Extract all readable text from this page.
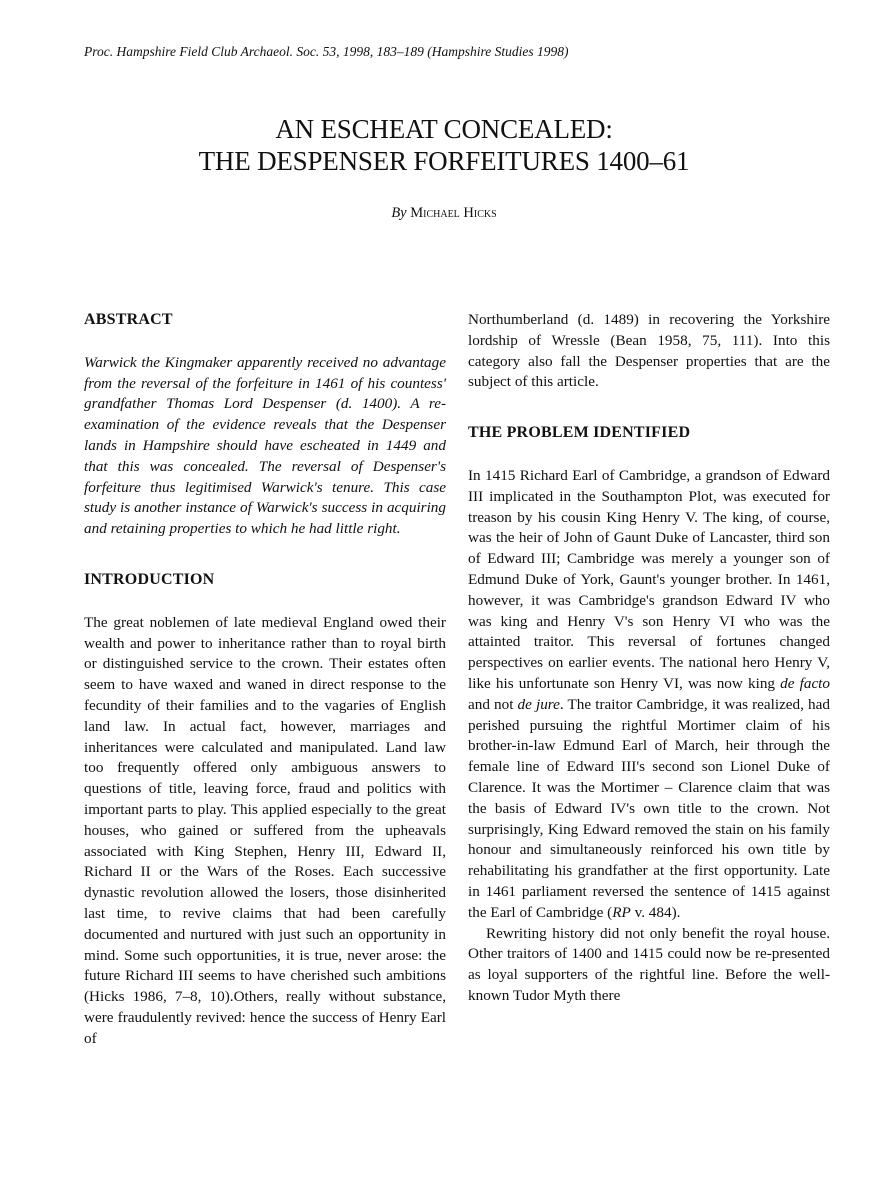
Proc. Hampshire Field Club Archaeol. Soc. 53, 1998, 183–189 (Hampshire Studies 1998)
AN ESCHEAT CONCEALED:
THE DESPENSER FORFEITURES 1400–61
By Michael Hicks
ABSTRACT

Warwick the Kingmaker apparently received no advantage from the reversal of the forfeiture in 1461 of his countess' grandfather Thomas Lord Despenser (d. 1400). A re-examination of the evidence reveals that the Despenser lands in Hampshire should have escheated in 1449 and that this was concealed. The reversal of Despenser's forfeiture thus legitimised Warwick's tenure. This case study is another instance of Warwick's success in acquiring and retaining properties to which he had little right.

INTRODUCTION

The great noblemen of late medieval England owed their wealth and power to inheritance rather than to royal birth or distinguished service to the crown. Their estates often seem to have waxed and waned in direct response to the fecundity of their families and to the vagaries of English land law. In actual fact, however, marriages and inheritances were calculated and manipulated. Land law too frequently offered only ambiguous answers to questions of title, leaving force, fraud and politics with important parts to play. This applied especially to the great houses, who gained or suffered from the upheavals associated with King Stephen, Henry III, Edward II, Richard II or the Wars of the Roses. Each successive dynastic revolution allowed the losers, those disinherited last time, to revive claims that had been carefully documented and nurtured with just such an opportunity in mind. Some such opportunities, it is true, never arose: the future Richard III seems to have cherished such ambitions (Hicks 1986, 7–8, 10).Others, really without substance, were fraudulently revived: hence the success of Henry Earl of

Northumberland (d. 1489) in recovering the Yorkshire lordship of Wressle (Bean 1958, 75, 111). Into this category also fall the Despenser properties that are the subject of this article.

THE PROBLEM IDENTIFIED

In 1415 Richard Earl of Cambridge, a grandson of Edward III implicated in the Southampton Plot, was executed for treason by his cousin King Henry V. The king, of course, was the heir of John of Gaunt Duke of Lancaster, third son of Edward III; Cambridge was merely a younger son of Edmund Duke of York, Gaunt's younger brother. In 1461, however, it was Cambridge's grandson Edward IV who was king and Henry V's son Henry VI who was the attainted traitor. This reversal of fortunes changed perspectives on earlier events. The national hero Henry V, like his unfortunate son Henry VI, was now king de facto and not de jure. The traitor Cambridge, it was realized, had perished pursuing the rightful Mortimer claim of his brother-in-law Edmund Earl of March, heir through the female line of Edward III's second son Lionel Duke of Clarence. It was the Mortimer – Clarence claim that was the basis of Edward IV's own title to the crown. Not surprisingly, King Edward removed the stain on his family honour and simultaneously reinforced his own title by rehabilitating his grandfather at the first opportunity. Late in 1461 parliament reversed the sentence of 1415 against the Earl of Cambridge (RP v. 484).

Rewriting history did not only benefit the royal house. Other traitors of 1400 and 1415 could now be re-presented as loyal supporters of the rightful line. Before the well-known Tudor Myth there
